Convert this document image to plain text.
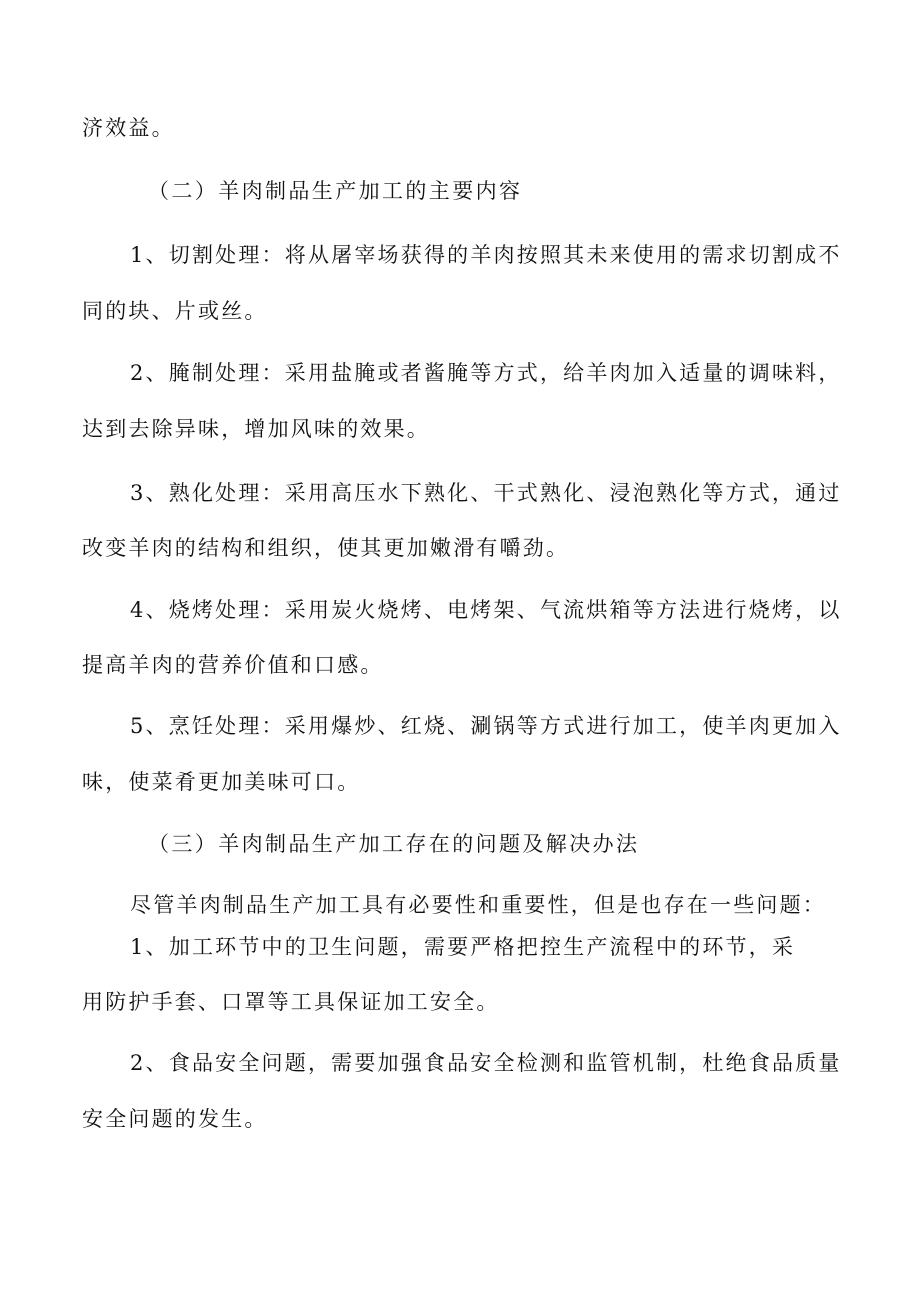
济效益。
（二）羊肉制品生产加工的主要内容
1、切割处理：将从屠宰场获得的羊肉按照其未来使用的需求切割成不
同的块、片或丝。
2、腌制处理：采用盐腌或者酱腌等方式，给羊肉加入适量的调味料，
达到去除异味，增加风味的效果。
3、熟化处理：采用高压水下熟化、干式熟化、浸泡熟化等方式，通过
改变羊肉的结构和组织，使其更加嫩滑有嚼劲。
4、烧烤处理：采用炭火烧烤、电烤架、气流烘箱等方法进行烧烤，以
提高羊肉的营养价值和口感。
5、烹饪处理：采用爆炒、红烧、涮锅等方式进行加工，使羊肉更加入
味，使菜肴更加美味可口。
（三）羊肉制品生产加工存在的问题及解决办法
尽管羊肉制品生产加工具有必要性和重要性，但是也存在一些问题：
1、加工环节中的卫生问题，需要严格把控生产流程中的环节，采
用防护手套、口罩等工具保证加工安全。
2、食品安全问题，需要加强食品安全检测和监管机制，杜绝食品质量
安全问题的发生。
